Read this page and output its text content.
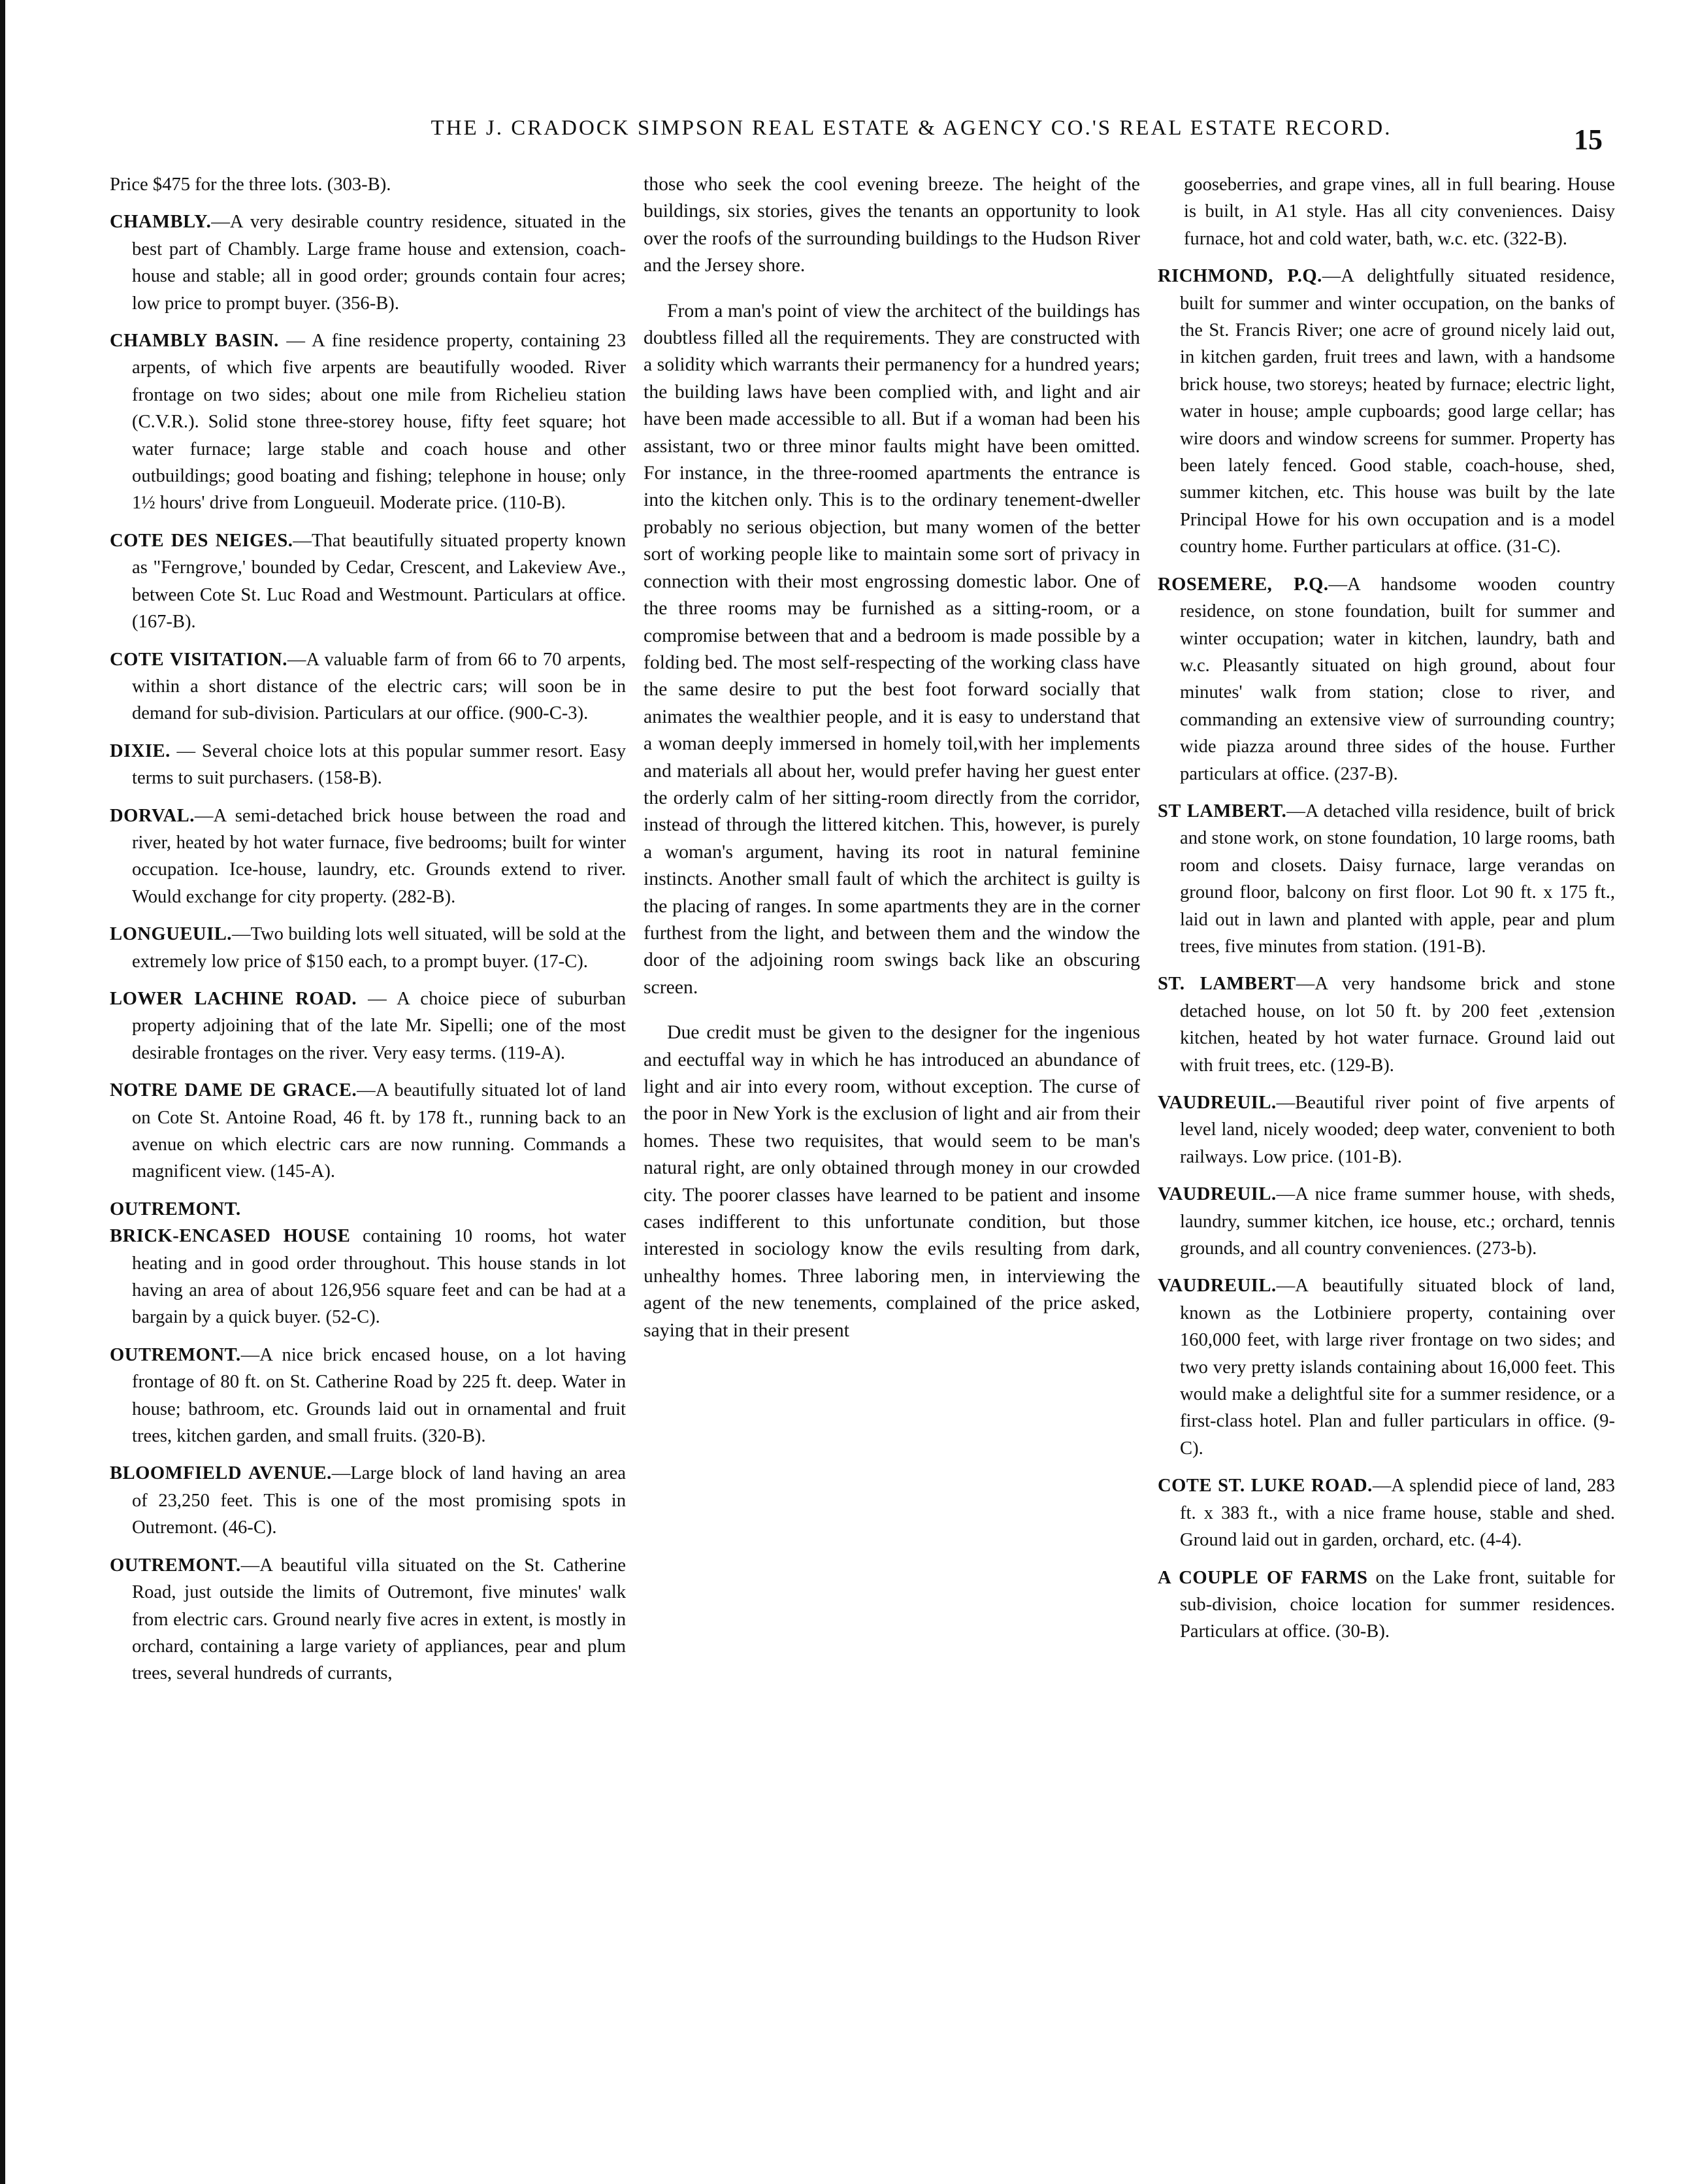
THE J. CRADOCK SIMPSON REAL ESTATE & AGENCY CO.'S REAL ESTATE RECORD.	15

Price $475 for the three lots. (303-B).

CHAMBLY.—A very desirable country residence, situated in the best part of Chambly. Large frame house and extension, coach-house and stable; all in good order; grounds contain four acres; low price to prompt buyer. (356-B).

CHAMBLY BASIN. — A fine residence property, containing 23 arpents, of which five arpents are beautifully wooded. River frontage on two sides; about one mile from Richelieu station (C.V.R.). Solid stone three-storey house, fifty feet square; hot water furnace; large stable and coach house and other outbuildings; good boating and fishing; telephone in house; only 1½ hours' drive from Longueuil. Moderate price. (110-B).

COTE DES NEIGES.—That beautifully situated property known as "Ferngrove,' bounded by Cedar, Crescent, and Lakeview Ave., between Cote St. Luc Road and Westmount. Particulars at office. (167-B).

COTE VISITATION.—A valuable farm of from 66 to 70 arpents, within a short distance of the electric cars; will soon be in demand for sub-division. Particulars at our office. (900-C-3).

DIXIE. — Several choice lots at this popular summer resort. Easy terms to suit purchasers. (158-B).

DORVAL.—A semi-detached brick house between the road and river, heated by hot water furnace, five bedrooms; built for winter occupation. Ice-house, laundry, etc. Grounds extend to river. Would exchange for city property. (282-B).

LONGUEUIL.—Two building lots well situated, will be sold at the extremely low price of $150 each, to a prompt buyer. (17-C).

LOWER LACHINE ROAD. — A choice piece of suburban property adjoining that of the late Mr. Sipelli; one of the most desirable frontages on the river. Very easy terms. (119-A).

NOTRE DAME DE GRACE.—A beautifully situated lot of land on Cote St. Antoine Road, 46 ft. by 178 ft., running back to an avenue on which electric cars are now running. Commands a magnificent view. (145-A).

OUTREMONT.

BRICK-ENCASED HOUSE containing 10 rooms, hot water heating and in good order throughout. This house stands in lot having an area of about 126,956 square feet and can be had at a bargain by a quick buyer. (52-C).

OUTREMONT.—A nice brick encased house, on a lot having frontage of 80 ft. on St. Catherine Road by 225 ft. deep. Water in house; bathroom, etc. Grounds laid out in ornamental and fruit trees, kitchen garden, and small fruits. (320-B).

BLOOMFIELD AVENUE.—Large block of land having an area of 23,250 feet. This is one of the most promising spots in Outremont. (46-C).

OUTREMONT.—A beautiful villa situated on the St. Catherine Road, just outside the limits of Outremont, five minutes' walk from electric cars. Ground nearly five acres in extent, is mostly in orchard, containing a large variety of appliances, pear and plum trees, several hundreds of currants,

those who seek the cool evening breeze. The height of the buildings, six stories, gives the tenants an opportunity to look over the roofs of the surrounding buildings to the Hudson River and the Jersey shore.

From a man's point of view the architect of the buildings has doubtless filled all the requirements. They are constructed with a solidity which warrants their permanency for a hundred years; the building laws have been complied with, and light and air have been made accessible to all. But if a woman had been his assistant, two or three minor faults might have been omitted. For instance, in the three-roomed apartments the entrance is into the kitchen only. This is to the ordinary tenement-dweller probably no serious objection, but many women of the better sort of working people like to maintain some sort of privacy in connection with their most engrossing domestic labor. One of the three rooms may be furnished as a sitting-room, or a compromise between that and a bedroom is made possible by a folding bed. The most self-respecting of the working class have the same desire to put the best foot forward socially that animates the wealthier people, and it is easy to understand that a woman deeply immersed in homely toil,with her implements and materials all about her, would prefer having her guest enter the orderly calm of her sitting-room directly from the corridor, instead of through the littered kitchen. This, however, is purely a woman's argument, having its root in natural feminine instincts. Another small fault of which the architect is guilty is the placing of ranges. In some apartments they are in the corner furthest from the light, and between them and the window the door of the adjoining room swings back like an obscuring screen.

Due credit must be given to the designer for the ingenious and eectuffal way in which he has introduced an abundance of light and air into every room, without exception. The curse of the poor in New York is the exclusion of light and air from their homes. These two requisites, that would seem to be man's natural right, are only obtained through money in our crowded city. The poorer classes have learned to be patient and insome cases indifferent to this unfortunate condition, but those interested in sociology know the evils resulting from dark, unhealthy homes. Three laboring men, in interviewing the agent of the new tenements, complained of the price asked, saying that in their present

gooseberries, and grape vines, all in full bearing. House is built, in A1 style. Has all city conveniences. Daisy furnace, hot and cold water, bath, w.c. etc. (322-B).

RICHMOND, P.Q.—A delightfully situated residence, built for summer and winter occupation, on the banks of the St. Francis River; one acre of ground nicely laid out, in kitchen garden, fruit trees and lawn, with a handsome brick house, two storeys; heated by furnace; electric light, water in house; ample cupboards; good large cellar; has wire doors and window screens for summer. Property has been lately fenced. Good stable, coach-house, shed, summer kitchen, etc. This house was built by the late Principal Howe for his own occupation and is a model country home. Further particulars at office. (31-C).

ROSEMERE, P.Q.—A handsome wooden country residence, on stone foundation, built for summer and winter occupation; water in kitchen, laundry, bath and w.c. Pleasantly situated on high ground, about four minutes' walk from station; close to river, and commanding an extensive view of surrounding country; wide piazza around three sides of the house. Further particulars at office. (237-B).

ST LAMBERT.—A detached villa residence, built of brick and stone work, on stone foundation, 10 large rooms, bath room and closets. Daisy furnace, large verandas on ground floor, balcony on first floor. Lot 90 ft. x 175 ft., laid out in lawn and planted with apple, pear and plum trees, five minutes from station. (191-B).

ST. LAMBERT—A very handsome brick and stone detached house, on lot 50 ft. by 200 feet ,extension kitchen, heated by hot water furnace. Ground laid out with fruit trees, etc. (129-B).

VAUDREUIL.—Beautiful river point of five arpents of level land, nicely wooded; deep water, convenient to both railways. Low price. (101-B).

VAUDREUIL.—A nice frame summer house, with sheds, laundry, summer kitchen, ice house, etc.; orchard, tennis grounds, and all country conveniences. (273-b).

VAUDREUIL.—A beautifully situated block of land, known as the Lotbiniere property, containing over 160,000 feet, with large river frontage on two sides; and two very pretty islands containing about 16,000 feet. This would make a delightful site for a summer residence, or a first-class hotel. Plan and fuller particulars in office. (9-C).

COTE ST. LUKE ROAD.—A splendid piece of land, 283 ft. x 383 ft., with a nice frame house, stable and shed. Ground laid out in garden, orchard, etc. (4-4).

A COUPLE OF FARMS on the Lake front, suitable for sub-division, choice location for summer residences. Particulars at office. (30-B).
